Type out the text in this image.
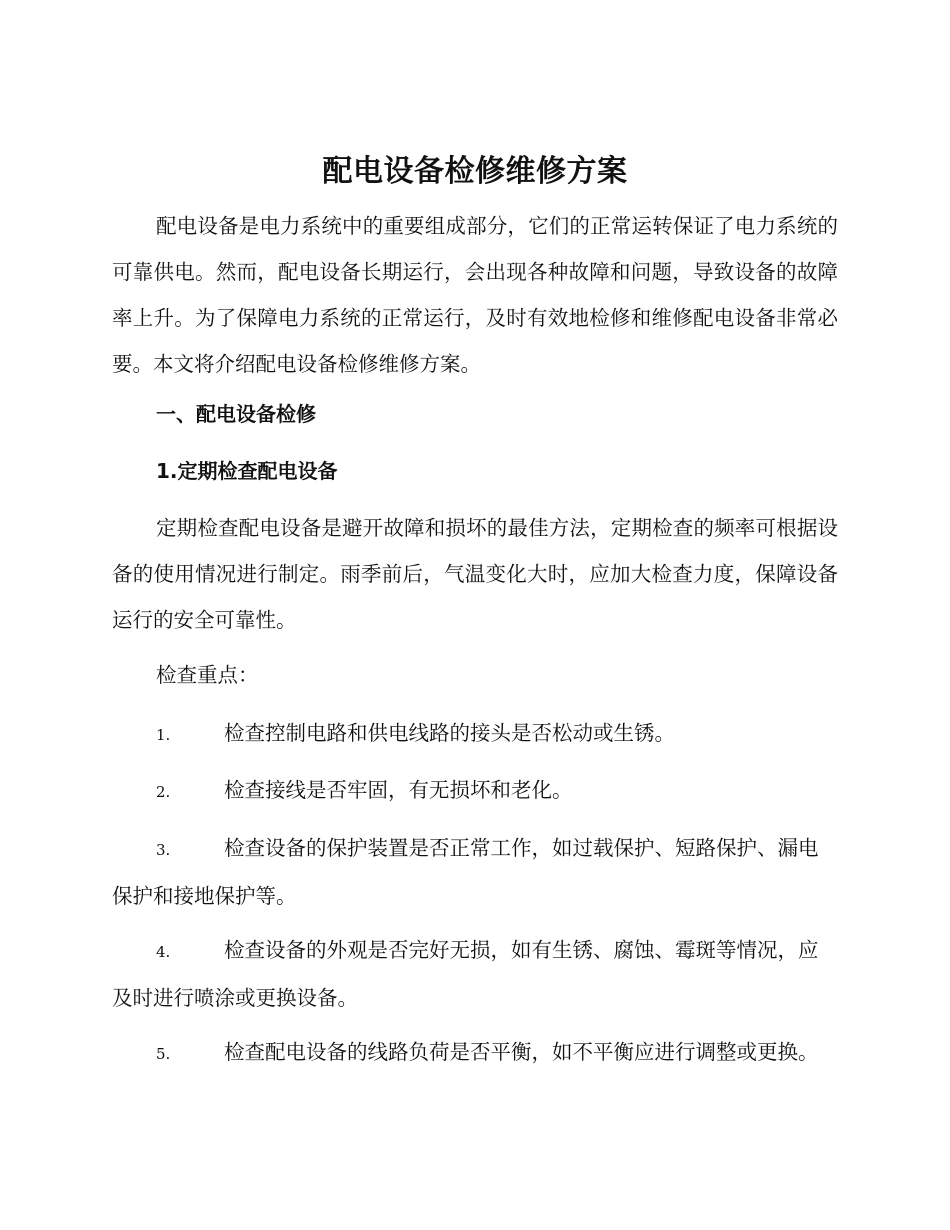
配电设备检修维修方案

配电设备是电力系统中的重要组成部分，它们的正常运转保证了电力系统的可靠供电。然而，配电设备长期运行，会出现各种故障和问题，导致设备的故障率上升。为了保障电力系统的正常运行，及时有效地检修和维修配电设备非常必要。本文将介绍配电设备检修维修方案。

一、配电设备检修

1.定期检查配电设备

定期检查配电设备是避开故障和损坏的最佳方法，定期检查的频率可根据设备的使用情况进行制定。雨季前后，气温变化大时，应加大检查力度，保障设备运行的安全可靠性。

检查重点：

1.	检查控制电路和供电线路的接头是否松动或生锈。

2.	检查接线是否牢固，有无损坏和老化。

3.	检查设备的保护装置是否正常工作，如过载保护、短路保护、漏电保护和接地保护等。

4.	检查设备的外观是否完好无损，如有生锈、腐蚀、霉斑等情况，应及时进行喷涂或更换设备。

5.	检查配电设备的线路负荷是否平衡，如不平衡应进行调整或更换。
